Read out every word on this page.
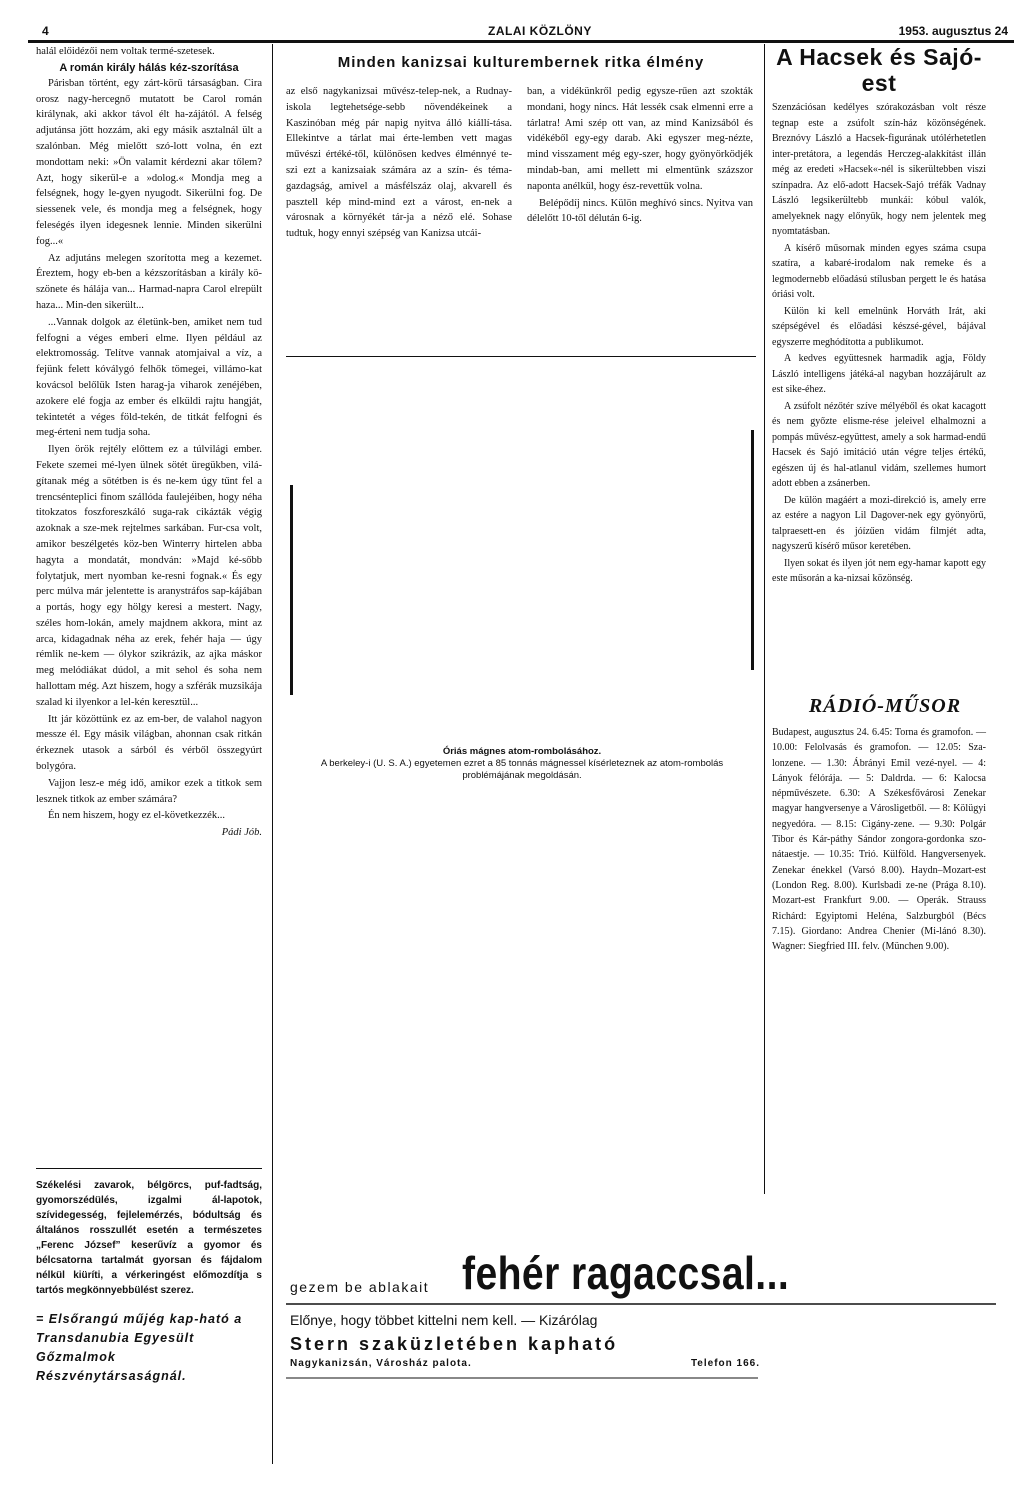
4	ZALAI KÖZLÖNY	1953. augusztus 24

halál előidézői nem voltak termé-szetesek.

A román király hálás kéz-szorítása

Párisban történt, egy zárt-körű társaságban. Cira orosz nagy-hercegnő mutatott be Carol román királynak, aki akkor távol élt ha-zájától. A felség adjutánsa jött hozzám, aki egy másik asztalnál ült a szalónban. Még mielőtt szó-lott volna, én ezt mondottam neki: »Ön valamit kérdezni akar tőlem? Azt, hogy sikerül-e a »dolog.« Mondja meg a felségnek, hogy le-gyen nyugodt. Sikerülni fog. De siessenek vele, és mondja meg a felségnek, hogy feleségés ilyen idegesnek lennie. Minden sikerülni fog...«

Az adjutáns melegen szorította meg a kezemet. Éreztem, hogy eb-ben a kézszorításban a király kö-szönete és hálája van... Harmad-napra Carol elrepült haza... Min-den sikerült...

...Vannak dolgok az életünk-ben, amiket nem tud felfogni a véges emberi elme. Ilyen például az elektromosság. Telítve vannak atomjaival a víz, a fejünk felett kóválygó felhők tömegei, villámo-kat kovácsol belőlük Isten harag-ja viharok zenéjében, azokere elé fogja az ember és elküldi rajtu hangját, tekintetét a véges föld-tekén, de titkát felfogni és meg-érteni nem tudja soha.

Ilyen örök rejtély előttem ez a túlvilági ember. Fekete szemei mé-lyen ülnek sötét üregükben, vilá-gítanak még a sötétben is és ne-kem úgy tűnt fel a trencsénteplici finom szállóda faulejéiben, hogy néha titokzatos foszforeszkáló suga-rak cikázták végig azoknak a sze-mek rejtelmes sarkában. Fur-csa volt, amikor beszélgetés köz-ben Winterry hirtelen abba hagyta a mondatát, mondván: »Majd ké-sőbb folytatjuk, mert nyomban ke-resni fognak.« És egy perc múlva már jelentette is aranystráfos sap-kájában a portás, hogy egy hölgy keresi a mestert. Nagy, széles hom-lokán, amely majdnem akkora, mint az arca, kidagadnak néha az erek, fehér haja — úgy rémlik ne-kem — ólykor szikrázik, az ajka máskor meg melódiákat dúdol, a mit sehol és soha nem hallottam még. Azt hiszem, hogy a szférák muzsikája szalad ki ilyenkor a lel-kén keresztül...

Itt jár közöttünk ez az em-ber, de valahol nagyon messze él. Egy másik világban, ahonnan csak ritkán érkeznek utasok a sárból és vérből összegyúrt bolygóra.

Vajjon lesz-e még idő, amikor ezek a titkok sem lesznek titkok az ember számára?

Én nem hiszem, hogy ez el-következzék...

Pádi Jób.

Székelési zavarok, bélgörcs, puf-fadtság, gyomorszédülés, izgalmi ál-lapotok, szívidegesség, fejlelemérzés, bódultság és általános rosszullét esetén a természetes „Ferenc József” keserűvíz a gyomor és bélcsatorna tartalmát gyorsan és fájdalom nélkül kiüríti, a vérkeringést előmozdítja s tartós megkönnyebbülést szerez.
= Elsőrangú műjég kap-ható a Transdanubia Egyesült Gőzmalmok Részvénytársaságnál.
Minden kanizsai kulturembernek ritka élmény

az első nagykanizsai művész-telep-nek, a Rudnay-iskola legtehetsége-sebb növendékeinek a Kaszinóban még pár napig nyitva álló kiállí-tása. Ellekintve a tárlat mai érte-lemben vett magas művészi értéké-től, különösen kedves élménnyé te-szi ezt a kanizsaiak számára az a szín- és téma-gazdagság, amivel a másfélszáz olaj, akvarell és pasztell kép mind-mind ezt a várost, en-nek a városnak a környékét tár-ja a néző elé. Sohase tudtuk, hogy ennyi szépség van Kanizsa utcái-

ban, a vidékünkről pedig egysze-rűen azt szokták mondani, hogy nincs. Hát lessék csak elmenni erre a tárlatra! Ami szép ott van, az mind Kanizsából és vidékéből egy-egy darab. Aki egyszer meg-nézte, mind visszament még egy-szer, hogy gyönyörködjék mindab-ban, ami mellett mi elmentünk százszor naponta anélkül, hogy ész-revettük volna.

Belépődíj nincs. Külön meghívó sincs. Nyitva van délelőtt 10-től délután 6-ig.

Óriás mágnes atom-rombolásához.
A berkeley-i (U. S. A.) egyetemen ezret a 85 tonnás mágnessel kísérleteznek az atom-rombolás problémájának megoldásán.
A Hacsek és Sajó-est

Szenzációsan kedélyes szórakozásban volt része tegnap este a zsúfolt szín-ház közönségének. Breznóvy László a Hacsek-figurának utólérhetetlen inter-pretátora, a legendás Herczeg-alakkítást illán még az eredeti »Hacsek«-nél is sikerültebben viszi színpadra. Az elő-adott Hacsek-Sajó tréfák Vadnay László legsikerültebb munkái: kóbul valók, amelyeknek nagy előnyük, hogy nem jelentek meg nyomtatásban.

A kísérő műsornak minden egyes száma csupa szatíra, a kabaré-irodalom nak remeke és a legmodernebb előadású stílusban pergett le és hatása óriási volt.

Külön ki kell emelnünk Horváth Irát, aki szépségével és előadási készsé-gével, bájával egyszerre meghódította a publikumot.

A kedves együttesnek harmadik agja, Földy László intelligens játéká-al nagyban hozzájárult az est sike-éhez.

A zsúfolt nézőtér szíve mélyéből és okat kacagott és nem győzte elisme-rése jeleivel elhalmozni a pompás művész-együttest, amely a sok harmad-endű Hacsek és Sajó imitáció után végre teljes értékű, egészen új és hal-atlanul vidám, szellemes humort adott ebben a zsánerben.

De külön magáért a mozi-direkció is, amely erre az estére a nagyon Lil Dagover-nek egy gyönyörű, talpraesett-en és jóízűen vidám filmjét adta, nagyszerű kísérő műsor keretében.

Ilyen sokat és ilyen jót nem egy-hamar kapott egy este műsorán a ka-nizsai közönség.

RÁDIÓ-MŰSOR

Budapest, augusztus 24. 6.45: Torna és gramofon. — 10.00: Felolvasás és gramofon. — 12.05: Sza-lonzene. — 1.30: Ábrányi Emil vezé-nyel. — 4: Lányok félórája. — 5: Daldrda. — 6: Kalocsa népművészete. 6.30: A Székesfővárosi Zenekar magyar hangversenye a Városligetből. — 8: Kölügyi negyedóra. — 8.15: Cigány-zene. — 9.30: Polgár Tibor és Kár-páthy Sándor zongora-gordonka szo-nátaestje. — 10.35: Trió. Külföld. Hangversenyek. Zenekar énekkel (Varsó 8.00). Haydn–Mozart-est (London Reg. 8.00). Kurlsbadi ze-ne (Prága 8.10). Mozart-est Frankfurt 9.00. — Operák. Strauss Richárd: Egyiptomi Heléna, Salzburgból (Bécs 7.15). Giordano: Andrea Chenier (Mi-lánó 8.30). Wagner: Siegfried III. felv. (München 9.00).

gezem be ablakait fehér ragaccsal...
Előnye, hogy többet kittelni nem kell. — Kizárólag
Stern szaküzletében kapható
Nagykanizsán, Városház palota.	Telefon 166.
